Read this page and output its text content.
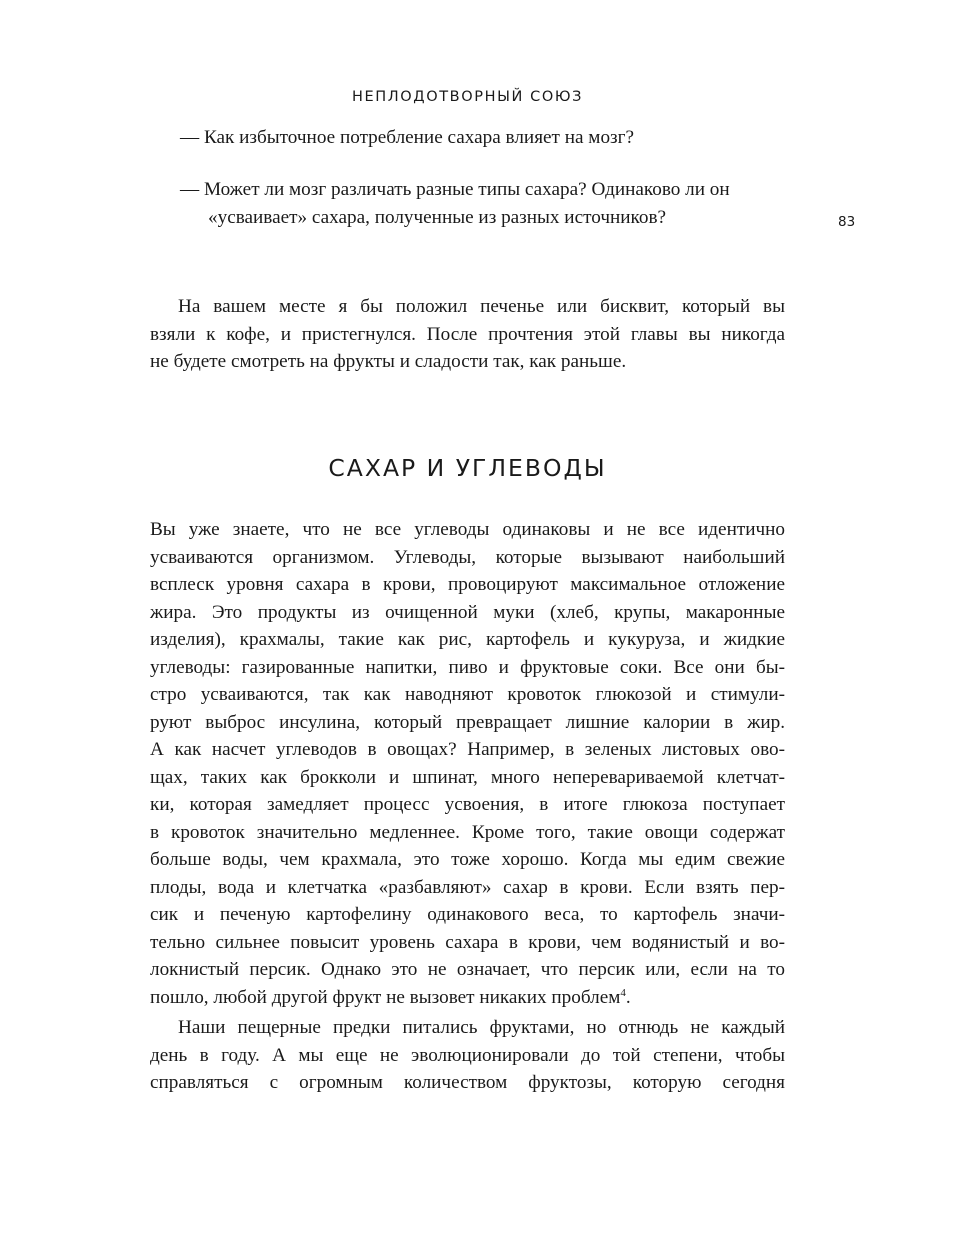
НЕПЛОДОТВОРНЫЙ СОЮЗ
83

— Как избыточное потребление сахара влияет на мозг?

— Может ли мозг различать разные типы сахара? Одинаково ли он
«усваивает» сахара, полученные из разных источников?

На вашем месте я бы положил печенье или бисквит, который вы
взяли к кофе, и пристегнулся. После прочтения этой главы вы никогда
не будете смотреть на фрукты и сладости так, как раньше.

САХАР И УГЛЕВОДЫ

Вы уже знаете, что не все углеводы одинаковы и не все идентично
усваиваются организмом. Углеводы, которые вызывают наибольший
всплеск уровня сахара в крови, провоцируют максимальное отложение
жира. Это продукты из очищенной муки (хлеб, крупы, макаронные
изделия), крахмалы, такие как рис, картофель и кукуруза, и жидкие
углеводы: газированные напитки, пиво и фруктовые соки. Все они бы-
стро усваиваются, так как наводняют кровоток глюкозой и стимули-
руют выброс инсулина, который превращает лишние калории в жир.
А как насчет углеводов в овощах? Например, в зеленых листовых ово-
щах, таких как брокколи и шпинат, много неперевариваемой клетчат-
ки, которая замедляет процесс усвоения, в итоге глюкоза поступает
в кровоток значительно медленнее. Кроме того, такие овощи содержат
больше воды, чем крахмала, это тоже хорошо. Когда мы едим свежие
плоды, вода и клетчатка «разбавляют» сахар в крови. Если взять пер-
сик и печеную картофелину одинакового веса, то картофель значи-
тельно сильнее повысит уровень сахара в крови, чем водянистый и во-
локнистый персик. Однако это не означает, что персик или, если на то
пошло, любой другой фрукт не вызовет никаких проблем$^4$.

Наши пещерные предки питались фруктами, но отнюдь не каждый
день в году. А мы еще не эволюционировали до той степени, чтобы
справляться с огромным количеством фруктозы, которую сегодня
